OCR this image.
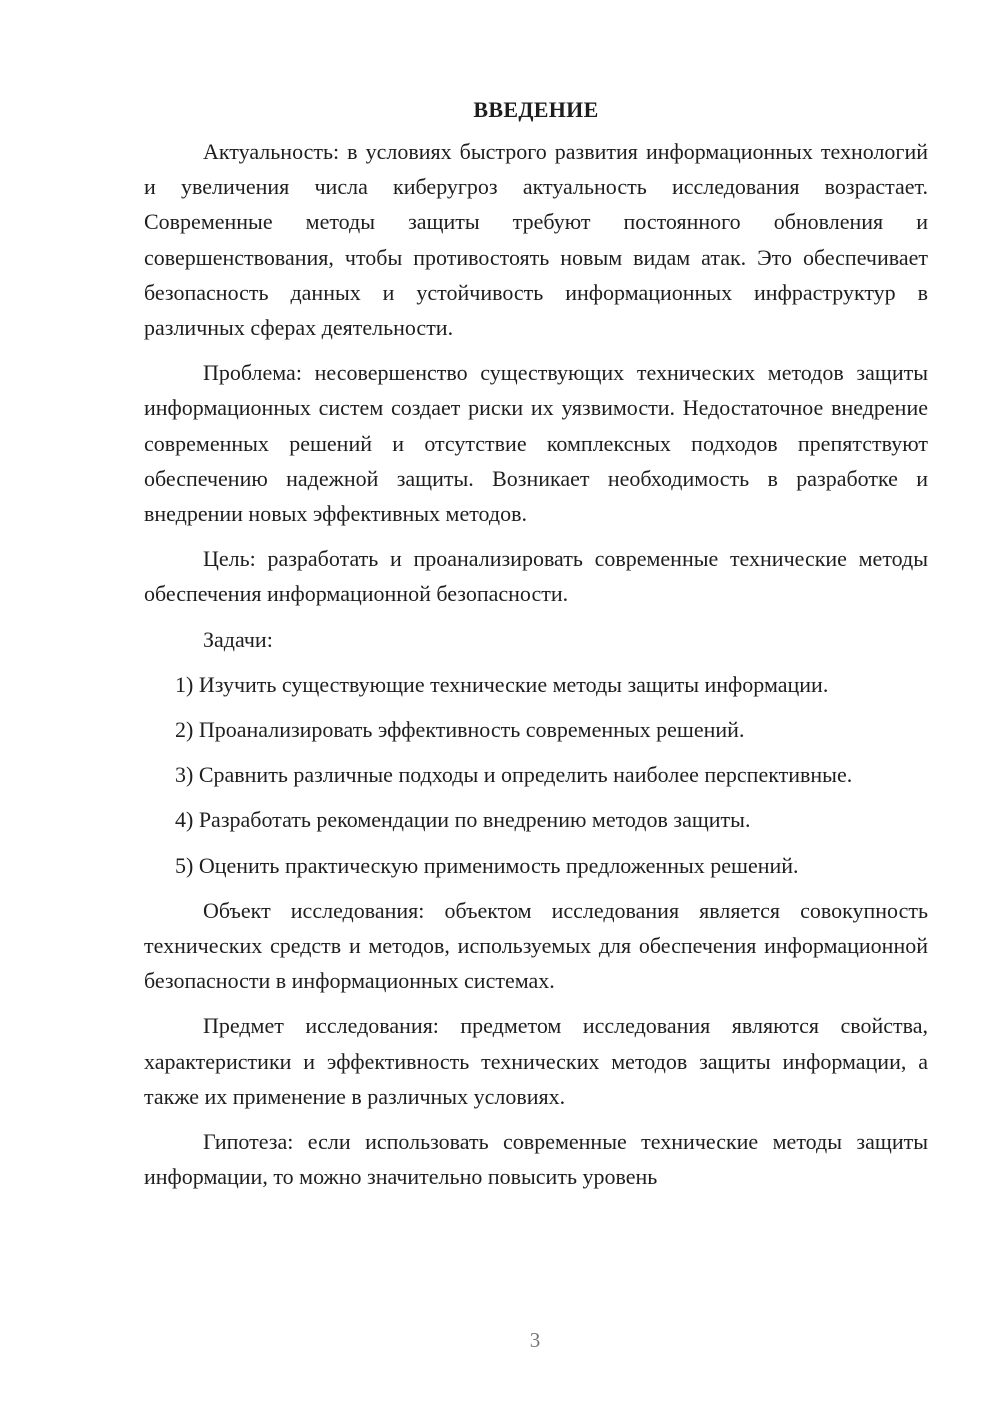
ВВЕДЕНИЕ

Актуальность: в условиях быстрого развития информационных технологий и увеличения числа киберугроз актуальность исследования возрастает. Современные методы защиты требуют постоянного обновления и совершенствования, чтобы противостоять новым видам атак. Это обеспечивает безопасность данных и устойчивость информационных инфраструктур в различных сферах деятельности.

Проблема: несовершенство существующих технических методов защиты информационных систем создает риски их уязвимости. Недостаточное внедрение современных решений и отсутствие комплексных подходов препятствуют обеспечению надежной защиты. Возникает необходимость в разработке и внедрении новых эффективных методов.

Цель: разработать и проанализировать современные технические методы обеспечения информационной безопасности.

Задачи:

1) Изучить существующие технические методы защиты информации.

2) Проанализировать эффективность современных решений.

3) Сравнить различные подходы и определить наиболее перспективные.

4) Разработать рекомендации по внедрению методов защиты.

5) Оценить практическую применимость предложенных решений.

Объект исследования: объектом исследования является совокупность технических средств и методов, используемых для обеспечения информационной безопасности в информационных системах.

Предмет исследования: предметом исследования являются свойства, характеристики и эффективность технических методов защиты информации, а также их применение в различных условиях.

Гипотеза: если использовать современные технические методы защиты информации, то можно значительно повысить уровень

3
